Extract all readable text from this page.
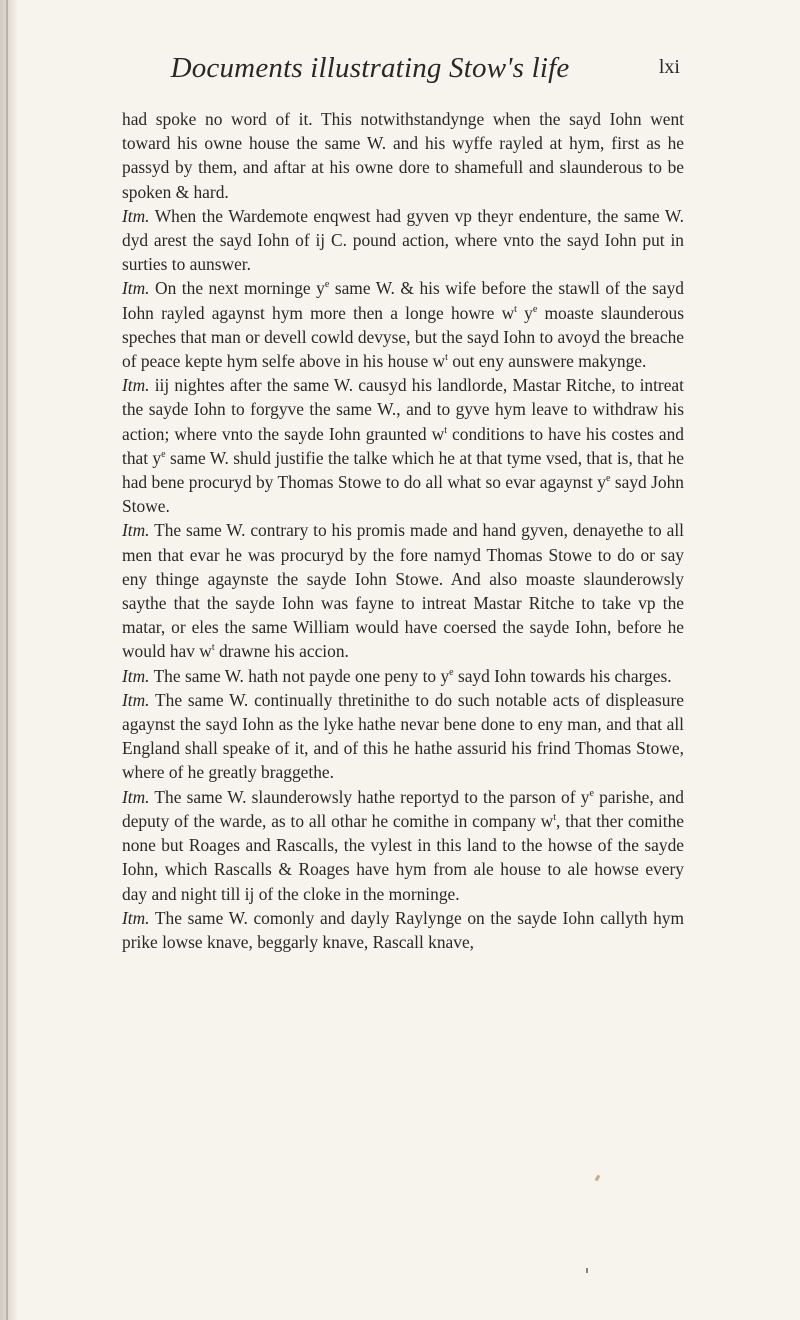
Documents illustrating Stow's life	lxi

had spoke no word of it. This notwithstandynge when the sayd Iohn went toward his owne house the same W. and his wyffe rayled at hym, first as he passyd by them, and aftar at his owne dore to shamefull and slaunderous to be spoken & hard.

Itm. When the Wardemote enqwest had gyven vp theyr endenture, the same W. dyd arest the sayd Iohn of ij C. pound action, where vnto the sayd Iohn put in surties to aunswer.

Itm. On the next morninge $y^e$ same W. & his wife before the stawll of the sayd Iohn rayled agaynst hym more then a longe howre $w^t$ $y^e$ moaste slaunderous speches that man or devell cowld devyse, but the sayd Iohn to avoyd the breache of peace kepte hym selfe above in his house $w^t$ out eny aunswere makynge.

Itm. iij nightes after the same W. causyd his landlorde, Mastar Ritche, to intreat the sayde Iohn to forgyve the same W., and to gyve hym leave to withdraw his action; where vnto the sayde Iohn graunted $w^t$ conditions to have his costes and that $y^e$ same W. shuld justifie the talke which he at that tyme vsed, that is, that he had bene procuryd by Thomas Stowe to do all what so evar agaynst $y^e$ sayd John Stowe.

Itm. The same W. contrary to his promis made and hand gyven, denayethe to all men that evar he was procuryd by the fore namyd Thomas Stowe to do or say eny thinge agaynste the sayde Iohn Stowe. And also moaste slaunderowsly saythe that the sayde Iohn was fayne to intreat Mastar Ritche to take vp the matar, or eles the same William would have coersed the sayde Iohn, before he would hav $w^t$ drawne his accion.

Itm. The same W. hath not payde one peny to $y^e$ sayd Iohn towards his charges.

Itm. The same W. continually thretinithe to do such notable acts of displeasure agaynst the sayd Iohn as the lyke hathe nevar bene done to eny man, and that all England shall speake of it, and of this he hathe assurid his frind Thomas Stowe, where of he greatly braggethe.

Itm. The same W. slaunderowsly hathe reportyd to the parson of $y^e$ parishe, and deputy of the warde, as to all othar he comithe in company $w^t$, that ther comithe none but Roages and Rascalls, the vylest in this land to the howse of the sayde Iohn, which Rascalls & Roages have hym from ale house to ale howse every day and night till ij of the cloke in the morninge.

Itm. The same W. comonly and dayly Raylynge on the sayde Iohn callyth hym prike lowse knave, beggarly knave, Rascall knave,
